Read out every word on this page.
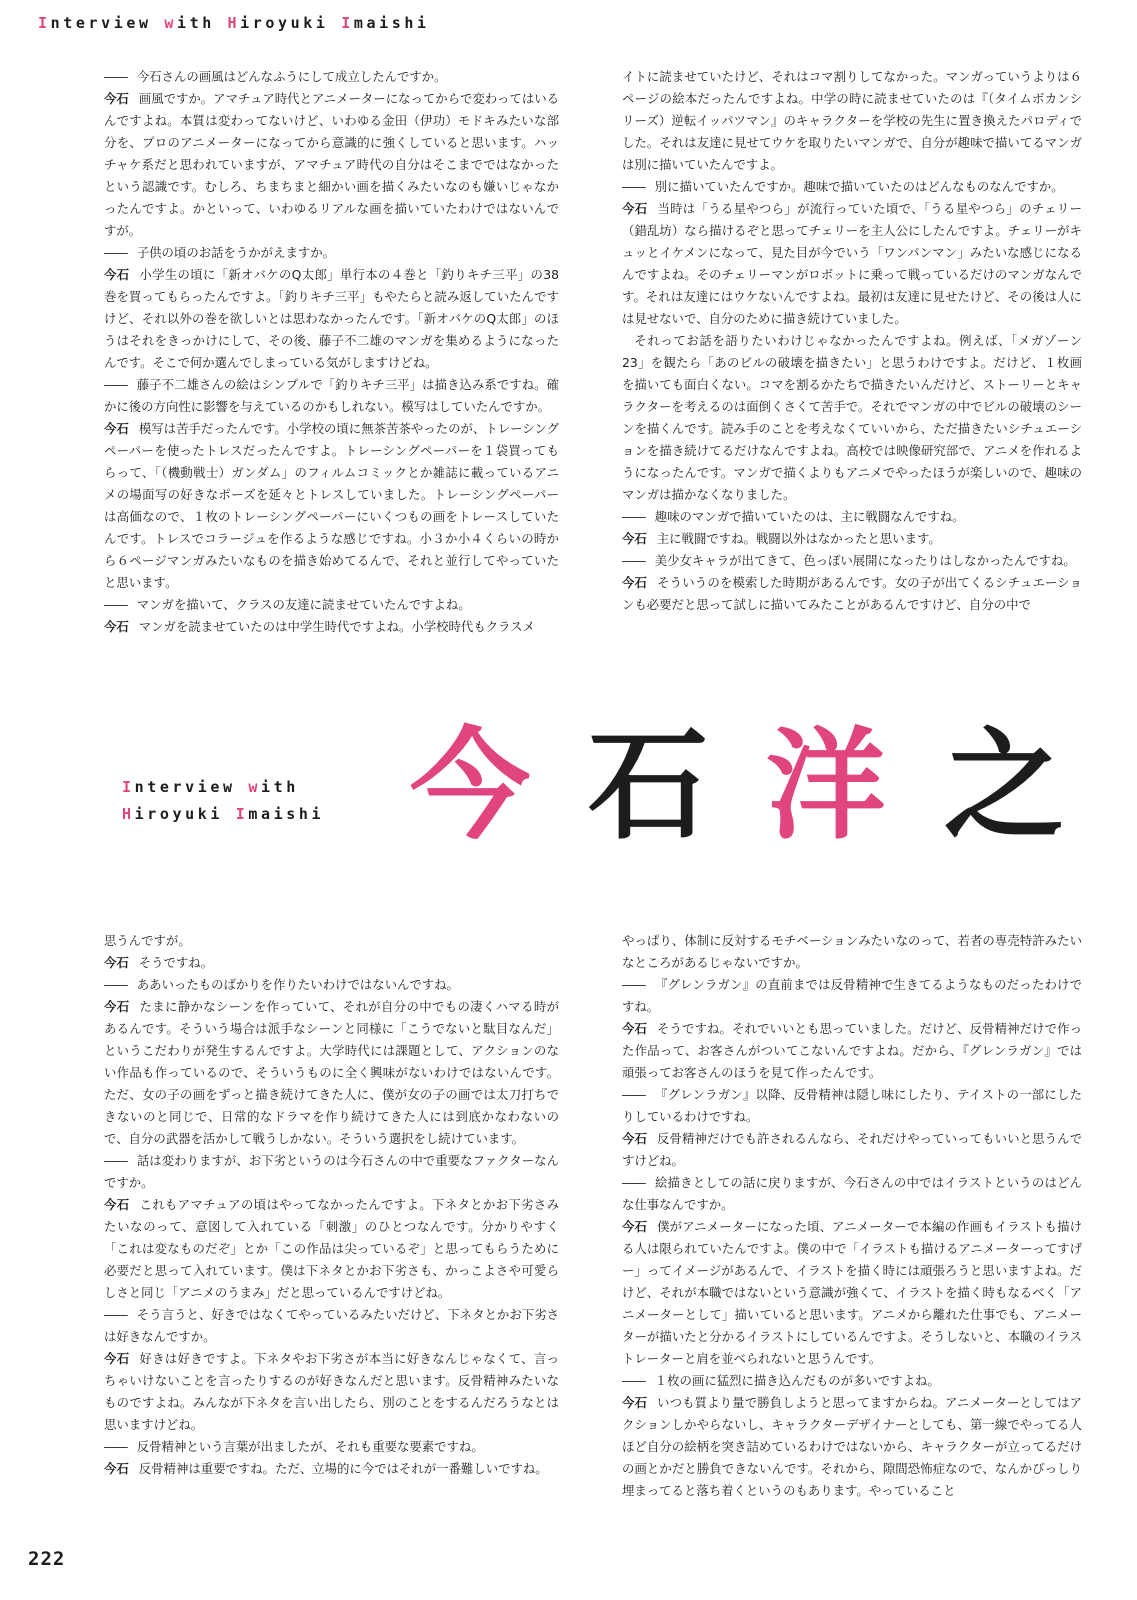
Interview with Hiroyuki Imaishi

―― 今石さんの画風はどんなふうにして成立したんですか。

今石 画風ですか。アマチュア時代とアニメーターになってからで変わってはいるんですよね。本質は変わってないけど、いわゆる金田（伊功）モドキみたいな部分を、プロのアニメーターになってから意識的に強くしていると思います。ハッチャケ系だと思われていますが、アマチュア時代の自分はそこまでではなかったという認識です。むしろ、ちまちまと細かい画を描くみたいなのも嫌いじゃなかったんですよ。かといって、いわゆるリアルな画を描いていたわけではないんですが。

―― 子供の頃のお話をうかがえますか。

今石 小学生の頃に「新オバケのQ太郎」単行本の４巻と「釣りキチ三平」の38巻を買ってもらったんですよ。「釣りキチ三平」もやたらと読み返していたんですけど、それ以外の巻を欲しいとは思わなかったんです。「新オバケのQ太郎」のほうはそれをきっかけにして、その後、藤子不二雄のマンガを集めるようになったんです。そこで何か選んでしまっている気がしますけどね。

―― 藤子不二雄さんの絵はシンプルで「釣りキチ三平」は描き込み系ですね。確かに後の方向性に影響を与えているのかもしれない。模写はしていたんですか。

今石 模写は苦手だったんです。小学校の頃に無茶苦茶やったのが、トレーシングペーパーを使ったトレスだったんですよ。トレーシングペーパーを１袋買ってもらって、「（機動戦士）ガンダム」のフィルムコミックとか雑誌に載っているアニメの場面写の好きなポーズを延々とトレスしていました。トレーシングペーパーは高価なので、１枚のトレーシングペーパーにいくつもの画をトレースしていたんです。トレスでコラージュを作るような感じですね。小３か小４くらいの時から６ページマンガみたいなものを描き始めてるんで、それと並行してやっていたと思います。

―― マンガを描いて、クラスの友達に読ませていたんですよね。

今石 マンガを読ませていたのは中学生時代ですよね。小学校時代もクラスメ

イトに読ませていたけど、それはコマ割りしてなかった。マンガっていうよりは６ページの絵本だったんですよね。中学の時に読ませていたのは『（タイムボカンシリーズ）逆転イッパツマン』のキャラクターを学校の先生に置き換えたパロディでした。それは友達に見せてウケを取りたいマンガで、自分が趣味で描いてるマンガは別に描いていたんですよ。

―― 別に描いていたんですか。趣味で描いていたのはどんなものなんですか。

今石 当時は「うる星やつら」が流行っていた頃で、「うる星やつら」のチェリー（錯乱坊）なら描けるぞと思ってチェリーを主人公にしたんですよ。チェリーがキュッとイケメンになって、見た目が今でいう「ワンパンマン」みたいな感じになるんですよね。そのチェリーマンがロボットに乗って戦っているだけのマンガなんです。それは友達にはウケないんですよね。最初は友達に見せたけど、その後は人には見せないで、自分のために描き続けていました。

それってお話を語りたいわけじゃなかったんですよね。例えば、「メガゾーン23」を観たら「あのビルの破壊を描きたい」と思うわけですよ。だけど、１枚画を描いても面白くない。コマを割るかたちで描きたいんだけど、ストーリーとキャラクターを考えるのは面倒くさくて苦手で。それでマンガの中でビルの破壊のシーンを描くんです。読み手のことを考えなくていいから、ただ描きたいシチュエーションを描き続けてるだけなんですよね。高校では映像研究部で、アニメを作れるようになったんです。マンガで描くよりもアニメでやったほうが楽しいので、趣味のマンガは描かなくなりました。

―― 趣味のマンガで描いていたのは、主に戦闘なんですね。

今石 主に戦闘ですね。戦闘以外はなかったと思います。

―― 美少女キャラが出てきて、色っぽい展開になったりはしなかったんですね。

今石 そういうのを模索した時期があるんです。女の子が出てくるシチュエーションも必要だと思って試しに描いてみたことがあるんですけど、自分の中で

Interview with
Hiroyuki Imaishi 今 石 洋 之

思うんですが。

今石 そうですね。

―― ああいったものばかりを作りたいわけではないんですね。

今石 たまに静かなシーンを作っていて、それが自分の中でもの凄くハマる時があるんです。そういう場合は派手なシーンと同様に「こうでないと駄目なんだ」というこだわりが発生するんですよ。大学時代には課題として、アクションのない作品も作っているので、そういうものに全く興味がないわけではないんです。ただ、女の子の画をずっと描き続けてきた人に、僕が女の子の画では太刀打ちできないのと同じで、日常的なドラマを作り続けてきた人には到底かなわないので、自分の武器を活かして戦うしかない。そういう選択をし続けています。

―― 話は変わりますが、お下劣というのは今石さんの中で重要なファクターなんですか。

今石 これもアマチュアの頃はやってなかったんですよ。下ネタとかお下劣さみたいなのって、意図して入れている「刺激」のひとつなんです。分かりやすく「これは変なものだぞ」とか「この作品は尖っているぞ」と思ってもらうために必要だと思って入れています。僕は下ネタとかお下劣さも、かっこよさや可愛らしさと同じ「アニメのうまみ」だと思っているんですけどね。

―― そう言うと、好きではなくてやっているみたいだけど、下ネタとかお下劣さは好きなんですか。

今石 好きは好きですよ。下ネタやお下劣さが本当に好きなんじゃなくて、言っちゃいけないことを言ったりするのが好きなんだと思います。反骨精神みたいなものですよね。みんなが下ネタを言い出したら、別のことをするんだろうなとは思いますけどね。

―― 反骨精神という言葉が出ましたが、それも重要な要素ですね。

今石 反骨精神は重要ですね。ただ、立場的に今ではそれが一番難しいですね。

やっぱり、体制に反対するモチベーションみたいなのって、若者の専売特許みたいなところがあるじゃないですか。

―― 『グレンラガン』の直前までは反骨精神で生きてるようなものだったわけですね。

今石 そうですね。それでいいとも思っていました。だけど、反骨精神だけで作った作品って、お客さんがついてこないんですよね。だから、『グレンラガン』では頑張ってお客さんのほうを見て作ったんです。

―― 『グレンラガン』以降、反骨精神は隠し味にしたり、テイストの一部にしたりしているわけですね。

今石 反骨精神だけでも許されるんなら、それだけやっていってもいいと思うんですけどね。

―― 絵描きとしての話に戻りますが、今石さんの中ではイラストというのはどんな仕事なんですか。

今石 僕がアニメーターになった頃、アニメーターで本編の作画もイラストも描ける人は限られていたんですよ。僕の中で「イラストも描けるアニメーターってすげー」ってイメージがあるんで、イラストを描く時には頑張ろうと思いますよね。だけど、それが本職ではないという意識が強くて、イラストを描く時もなるべく「アニメーターとして」描いていると思います。アニメから離れた仕事でも、アニメーターが描いたと分かるイラストにしているんですよ。そうしないと、本職のイラストレーターと肩を並べられないと思うんです。

―― １枚の画に猛烈に描き込んだものが多いですよね。

今石 いつも質より量で勝負しようと思ってますからね。アニメーターとしてはアクションしかやらないし、キャラクターデザイナーとしても、第一線でやってる人ほど自分の絵柄を突き詰めているわけではないから、キャラクターが立ってるだけの画とかだと勝負できないんです。それから、隙間恐怖症なので、なんかびっしり埋まってると落ち着くというのもあります。やっていること

222
